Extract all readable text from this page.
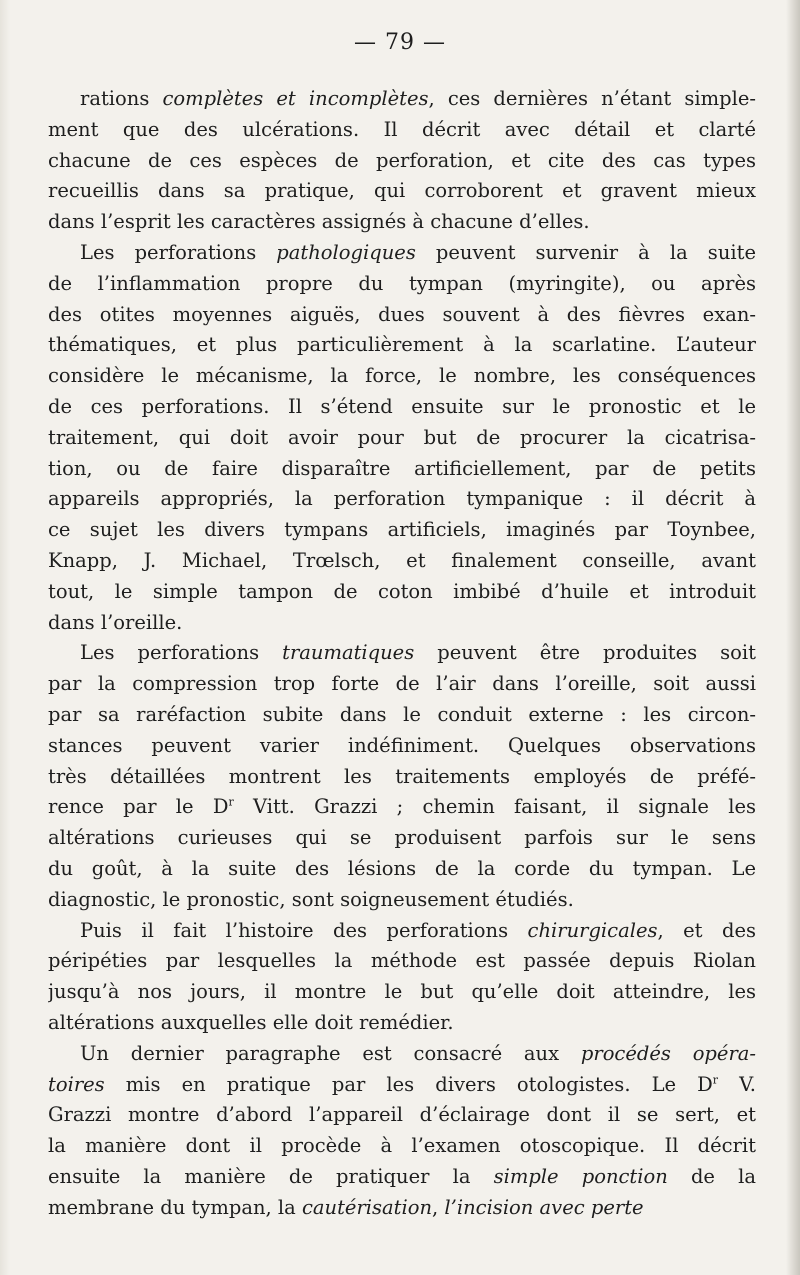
— 79 —
rations complètes et incomplètes, ces dernières n’étant simple-
ment que des ulcérations. Il décrit avec détail et clarté
chacune de ces espèces de perforation, et cite des cas types
recueillis dans sa pratique, qui corroborent et gravent mieux
dans l’esprit les caractères assignés à chacune d’elles.
Les perforations pathologiques peuvent survenir à la suite
de l’inflammation propre du tympan (myringite), ou après
des otites moyennes aiguës, dues souvent à des fièvres exan-
thématiques, et plus particulièrement à la scarlatine. L’auteur
considère le mécanisme, la force, le nombre, les conséquences
de ces perforations. Il s’étend ensuite sur le pronostic et le
traitement, qui doit avoir pour but de procurer la cicatrisa-
tion, ou de faire disparaître artificiellement, par de petits
appareils appropriés, la perforation tympanique : il décrit à
ce sujet les divers tympans artificiels, imaginés par Toynbee,
Knapp, J. Michael, Trœlsch, et finalement conseille, avant
tout, le simple tampon de coton imbibé d’huile et introduit
dans l’oreille.
Les perforations traumatiques peuvent être produites soit
par la compression trop forte de l’air dans l’oreille, soit aussi
par sa raréfaction subite dans le conduit externe : les circon-
stances peuvent varier indéfiniment. Quelques observations
très détaillées montrent les traitements employés de préfé-
rence par le $D^r$ Vitt. Grazzi ; chemin faisant, il signale les
altérations curieuses qui se produisent parfois sur le sens
du goût, à la suite des lésions de la corde du tympan. Le
diagnostic, le pronostic, sont soigneusement étudiés.
Puis il fait l’histoire des perforations chirurgicales, et des
péripéties par lesquelles la méthode est passée depuis Riolan
jusqu’à nos jours, il montre le but qu’elle doit atteindre, les
altérations auxquelles elle doit remédier.
Un dernier paragraphe est consacré aux procédés opéra-
toires mis en pratique par les divers otologistes. Le $D^r$ V.
Grazzi montre d’abord l’appareil d’éclairage dont il se sert, et
la manière dont il procède à l’examen otoscopique. Il décrit
ensuite la manière de pratiquer la simple ponction de la
membrane du tympan, la cautérisation, l’incision avec perte
